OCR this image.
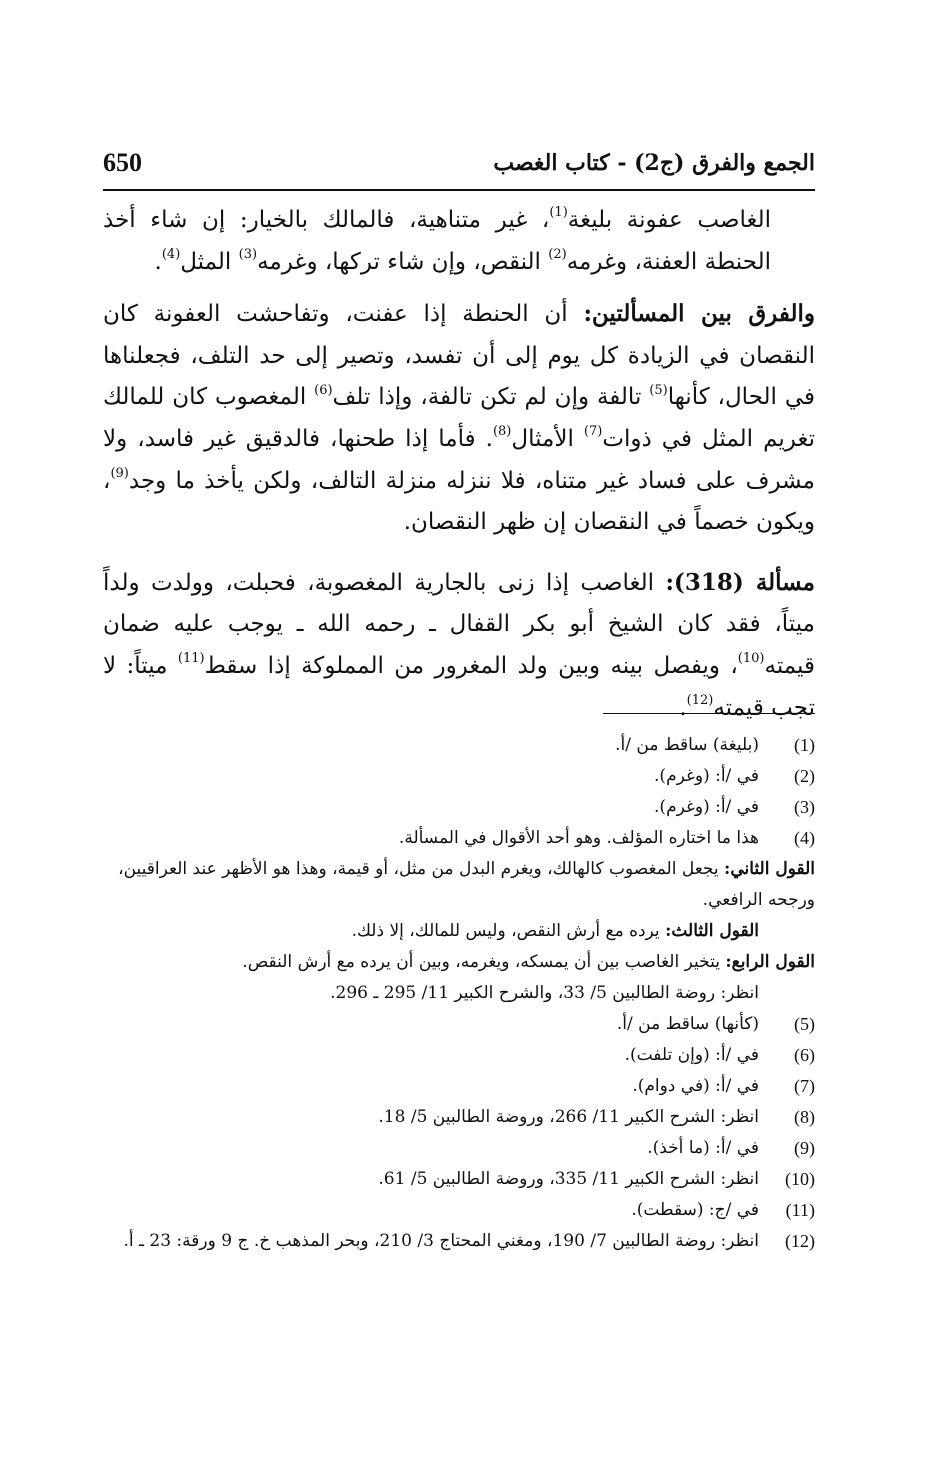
650	الجمع والفرق (ج2) - كتاب الغصب

الغاصب عفونة بليغة$^{(1)}$، غير متناهية، فالمالك بالخيار: إن شاء أخذ الحنطة العفنة، وغرمه$^{(2)}$ النقص، وإن شاء تركها، وغرمه$^{(3)}$ المثل$^{(4)}$.

والفرق بين المسألتين: أن الحنطة إذا عفنت، وتفاحشت العفونة كان النقصان في الزيادة كل يوم إلى أن تفسد، وتصير إلى حد التلف، فجعلناها في الحال، كأنها$^{(5)}$ تالفة وإن لم تكن تالفة، وإذا تلف$^{(6)}$ المغصوب كان للمالك تغريم المثل في ذوات$^{(7)}$ الأمثال$^{(8)}$. فأما إذا طحنها، فالدقيق غير فاسد، ولا مشرف على فساد غير متناه، فلا ننزله منزلة التالف، ولكن يأخذ ما وجد$^{(9)}$، ويكون خصماً في النقصان إن ظهر النقصان.

مسألة (318): الغاصب إذا زنى بالجارية المغصوبة، فحبلت، وولدت ولداً ميتاً، فقد كان الشيخ أبو بكر القفال ـ رحمه الله ـ يوجب عليه ضمان قيمته$^{(10)}$، ويفصل بينه وبين ولد المغرور من المملوكة إذا سقط$^{(11)}$ ميتاً: لا تجب قيمته$^{(12)}$.

(1)
(بليغة) ساقط من /أ.
(2)
في /أ: (وغرم).
(3)
في /أ: (وغرم).
(4)
هذا ما اختاره المؤلف. وهو أحد الأقوال في المسألة.
القول الثاني: يجعل المغصوب كالهالك، ويغرم البدل من مثل، أو قيمة، وهذا هو الأظهر عند العراقيين، ورجحه الرافعي.
القول الثالث: يرده مع أرش النقص، وليس للمالك، إلا ذلك.
القول الرابع: يتخير الغاصب بين أن يمسكه، ويغرمه، وبين أن يرده مع أرش النقص.
انظر: روضة الطالبين 5/ 33، والشرح الكبير 11/ 295 ـ 296.
(5)
(كأنها) ساقط من /أ.
(6)
في /أ: (وإن تلفت).
(7)
في /أ: (في دوام).
(8)
انظر: الشرح الكبير 11/ 266، وروضة الطالبين 5/ 18.
(9)
في /أ: (ما أخذ).
(10)
انظر: الشرح الكبير 11/ 335، وروضة الطالبين 5/ 61.
(11)
في /ج: (سقطت).
(12)
انظر: روضة الطالبين 7/ 190، ومغني المحتاج 3/ 210، وبحر المذهب خ. ج 9 ورقة: 23 ـ أ.
